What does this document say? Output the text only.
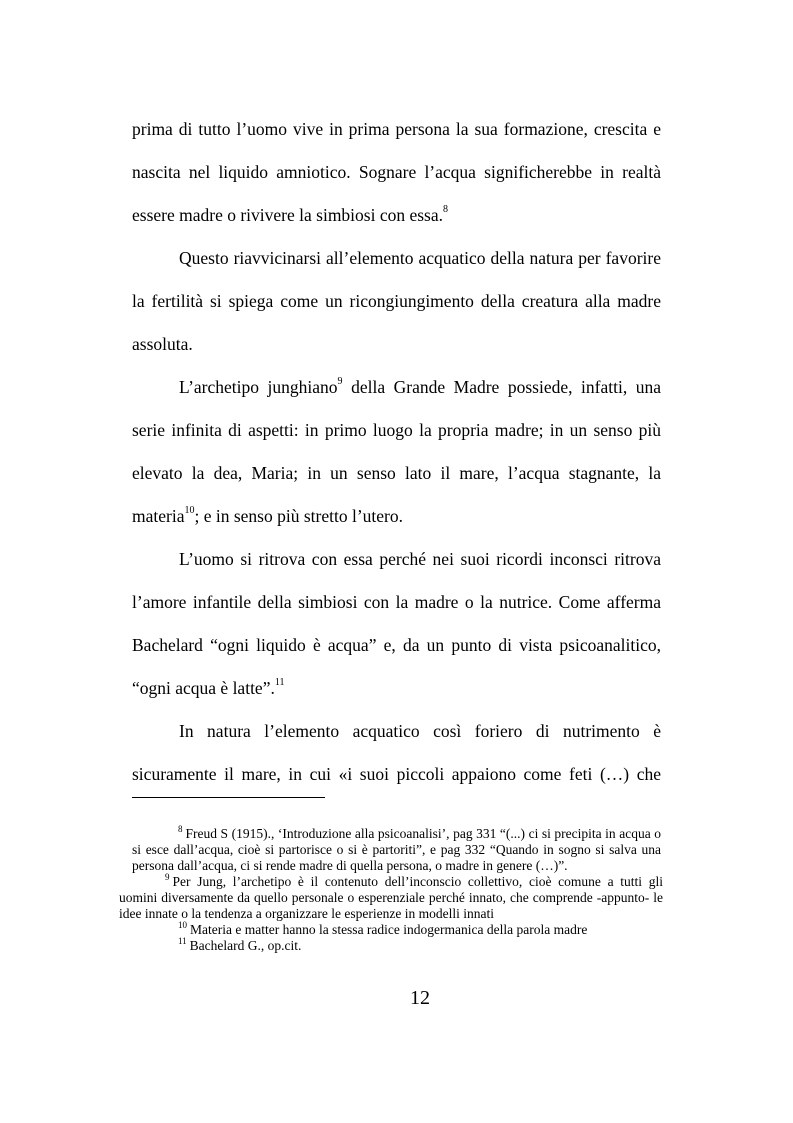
prima di tutto l’uomo vive in prima persona la sua formazione, crescita e nascita nel liquido amniotico. Sognare l’acqua significherebbe in realtà essere madre o rivivere la simbiosi con essa.$^8$

Questo riavvicinarsi all’elemento acquatico della natura per favorire la fertilità si spiega come un ricongiungimento della creatura alla madre assoluta.

L’archetipo junghiano$^9$ della Grande Madre possiede, infatti, una serie infinita di aspetti: in primo luogo la propria madre; in un senso più elevato la dea, Maria; in un senso lato il mare, l’acqua stagnante, la materia$^{10}$; e in senso più stretto l’utero.

L’uomo si ritrova con essa perché nei suoi ricordi inconsci ritrova l’amore infantile della simbiosi con la madre o la nutrice. Come afferma Bachelard “ogni liquido è acqua” e, da un punto di vista psicoanalitico, “ogni acqua è latte”.$^{11}$

In natura l’elemento acquatico così foriero di nutrimento è sicuramente il mare, in cui «i suoi piccoli appaiono come feti (…) che

$^8$ Freud S (1915)., ‘Introduzione alla psicoanalisi’, pag 331 “(...) ci si precipita in acqua o si esce dall’acqua, cioè si partorisce o si è partoriti”, e pag 332 “Quando in sogno si salva una persona dall’acqua, ci si rende madre di quella persona, o madre in genere (…)”.

$^9$ Per Jung, l’archetipo è il contenuto dell’inconscio collettivo, cioè comune a tutti gli uomini diversamente da quello personale o esperenziale perché innato, che comprende -appunto- le idee innate o la tendenza a organizzare le esperienze in modelli innati

$^{10}$ Materia e matter hanno la stessa radice indogermanica della parola madre

$^{11}$ Bachelard G., op.cit.

12
